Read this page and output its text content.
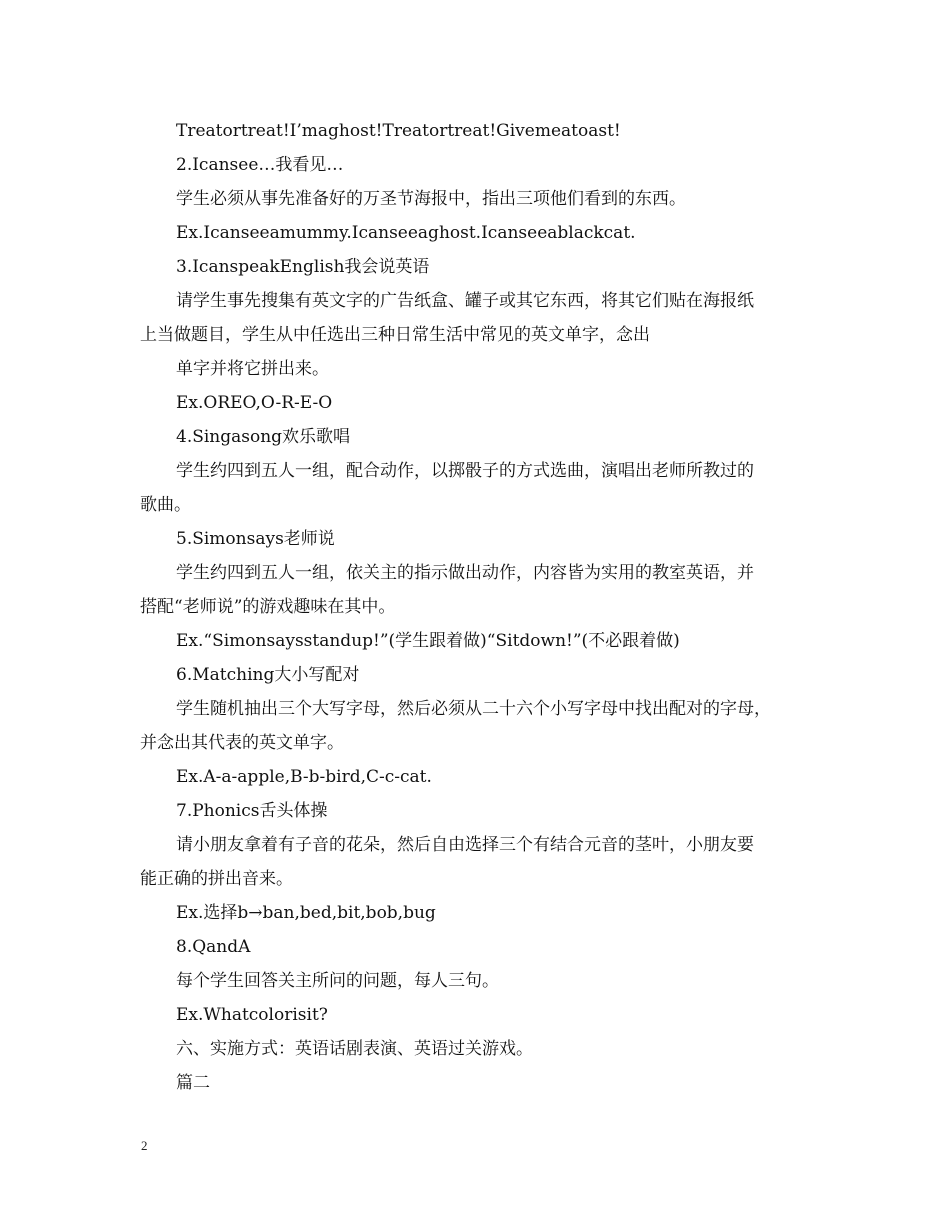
Treatortreat!I’maghost!Treatortreat!Givemeatoast!
2.Icansee…我看见…
学生必须从事先准备好的万圣节海报中，指出三项他们看到的东西。
Ex.Icanseeamummy.Icanseeaghost.Icanseeablackcat.
3.IcanspeakEnglish我会说英语
请学生事先搜集有英文字的广告纸盒、罐子或其它东西，将其它们贴在海报纸
上当做题目，学生从中任选出三种日常生活中常见的英文单字，念出
单字并将它拼出来。
Ex.OREO,O-R-E-O
4.Singasong欢乐歌唱
学生约四到五人一组，配合动作，以掷骰子的方式选曲，演唱出老师所教过的
歌曲。
5.Simonsays老师说
学生约四到五人一组，依关主的指示做出动作，内容皆为实用的教室英语，并
搭配“老师说”的游戏趣味在其中。
Ex.“Simonsaysstandup!”(学生跟着做)“Sitdown!”(不必跟着做)
6.Matching大小写配对
学生随机抽出三个大写字母，然后必须从二十六个小写字母中找出配对的字母，
并念出其代表的英文单字。
Ex.A-a-apple,B-b-bird,C-c-cat.
7.Phonics舌头体操
请小朋友拿着有子音的花朵，然后自由选择三个有结合元音的茎叶，小朋友要
能正确的拼出音来。
Ex.选择b→ban,bed,bit,bob,bug
8.QandA
每个学生回答关主所问的问题，每人三句。
Ex.Whatcolorisit?
六、实施方式：英语话剧表演、英语过关游戏。
篇二
2
